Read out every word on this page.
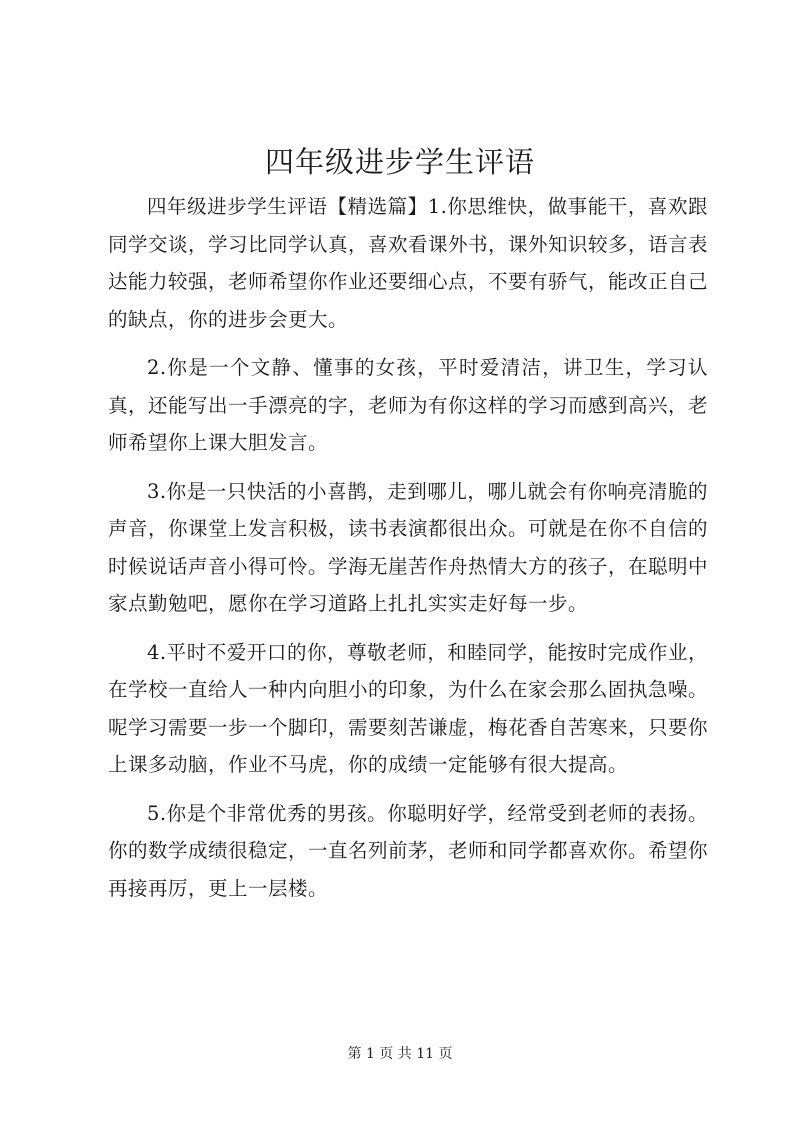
四年级进步学生评语

四年级进步学生评语【精选篇】1.你思维快，做事能干，喜欢跟同学交谈，学习比同学认真，喜欢看课外书，课外知识较多，语言表达能力较强，老师希望你作业还要细心点，不要有骄气，能改正自己的缺点，你的进步会更大。

2.你是一个文静、懂事的女孩，平时爱清洁，讲卫生，学习认真，还能写出一手漂亮的字，老师为有你这样的学习而感到高兴，老师希望你上课大胆发言。

3.你是一只快活的小喜鹊，走到哪儿，哪儿就会有你响亮清脆的声音，你课堂上发言积极，读书表演都很出众。可就是在你不自信的时候说话声音小得可怜。学海无崖苦作舟热情大方的孩子，在聪明中家点勤勉吧，愿你在学习道路上扎扎实实走好每一步。

4.平时不爱开口的你，尊敬老师，和睦同学，能按时完成作业，在学校一直给人一种内向胆小的印象，为什么在家会那么固执急噪。呢学习需要一步一个脚印，需要刻苦谦虚，梅花香自苦寒来，只要你上课多动脑，作业不马虎，你的成绩一定能够有很大提高。

5.你是个非常优秀的男孩。你聪明好学，经常受到老师的表扬。你的数学成绩很稳定，一直名列前茅，老师和同学都喜欢你。希望你再接再厉，更上一层楼。

第 1 页 共 11 页
